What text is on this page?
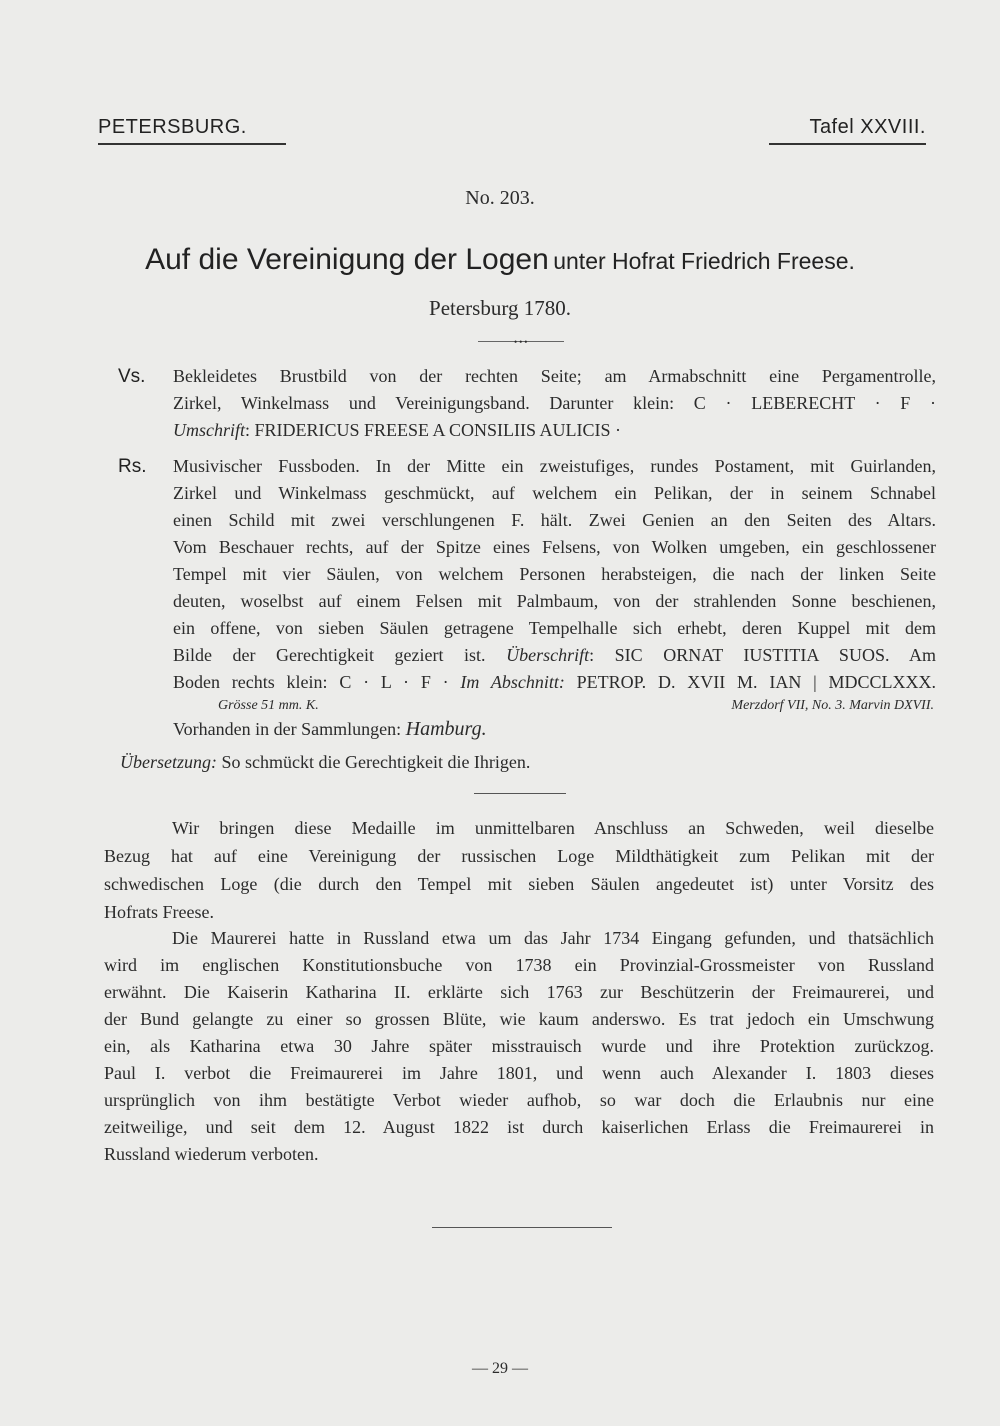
PETERSBURG.	Tafel XXVIII.
No. 203.
Auf die Vereinigung der Logen unter Hofrat Friedrich Freese.
Petersburg 1780.
•••
Vs. Bekleidetes Brustbild von der rechten Seite; am Armabschnitt eine Pergamentrolle,
Zirkel, Winkelmass und Vereinigungsband. Darunter klein: C · LEBERECHT · F ·
Umschrift: FRIDERICUS FREESE A CONSILIIS AULICIS ·
Rs. Musivischer Fussboden. In der Mitte ein zweistufiges, rundes Postament, mit Guirlanden,
Zirkel und Winkelmass geschmückt, auf welchem ein Pelikan, der in seinem Schnabel
einen Schild mit zwei verschlungenen F. hält. Zwei Genien an den Seiten des Altars.
Vom Beschauer rechts, auf der Spitze eines Felsens, von Wolken umgeben, ein geschlossener
Tempel mit vier Säulen, von welchem Personen herabsteigen, die nach der linken Seite
deuten, woselbst auf einem Felsen mit Palmbaum, von der strahlenden Sonne beschienen,
ein offene, von sieben Säulen getragene Tempelhalle sich erhebt, deren Kuppel mit dem
Bilde der Gerechtigkeit geziert ist. Überschrift: SIC ORNAT IUSTITIA SUOS. Am
Boden rechts klein: C · L · F · Im Abschnitt: PETROP. D. XVII M. IAN | MDCCLXXX.
Grösse 51 mm. K.	Merzdorf VII, No. 3. Marvin DXVII.
Vorhanden in der Sammlungen: Hamburg.
Übersetzung: So schmückt die Gerechtigkeit die Ihrigen.
Wir bringen diese Medaille im unmittelbaren Anschluss an Schweden, weil dieselbe
Bezug hat auf eine Vereinigung der russischen Loge Mildthätigkeit zum Pelikan mit der
schwedischen Loge (die durch den Tempel mit sieben Säulen angedeutet ist) unter Vorsitz des
Hofrats Freese.
Die Maurerei hatte in Russland etwa um das Jahr 1734 Eingang gefunden, und thatsächlich
wird im englischen Konstitutionsbuche von 1738 ein Provinzial-Grossmeister von Russland
erwähnt. Die Kaiserin Katharina II. erklärte sich 1763 zur Beschützerin der Freimaurerei, und
der Bund gelangte zu einer so grossen Blüte, wie kaum anderswo. Es trat jedoch ein Umschwung
ein, als Katharina etwa 30 Jahre später misstrauisch wurde und ihre Protektion zurückzog.
Paul I. verbot die Freimaurerei im Jahre 1801, und wenn auch Alexander I. 1803 dieses
ursprünglich von ihm bestätigte Verbot wieder aufhob, so war doch die Erlaubnis nur eine
zeitweilige, und seit dem 12. August 1822 ist durch kaiserlichen Erlass die Freimaurerei in
Russland wiederum verboten.
— 29 —
